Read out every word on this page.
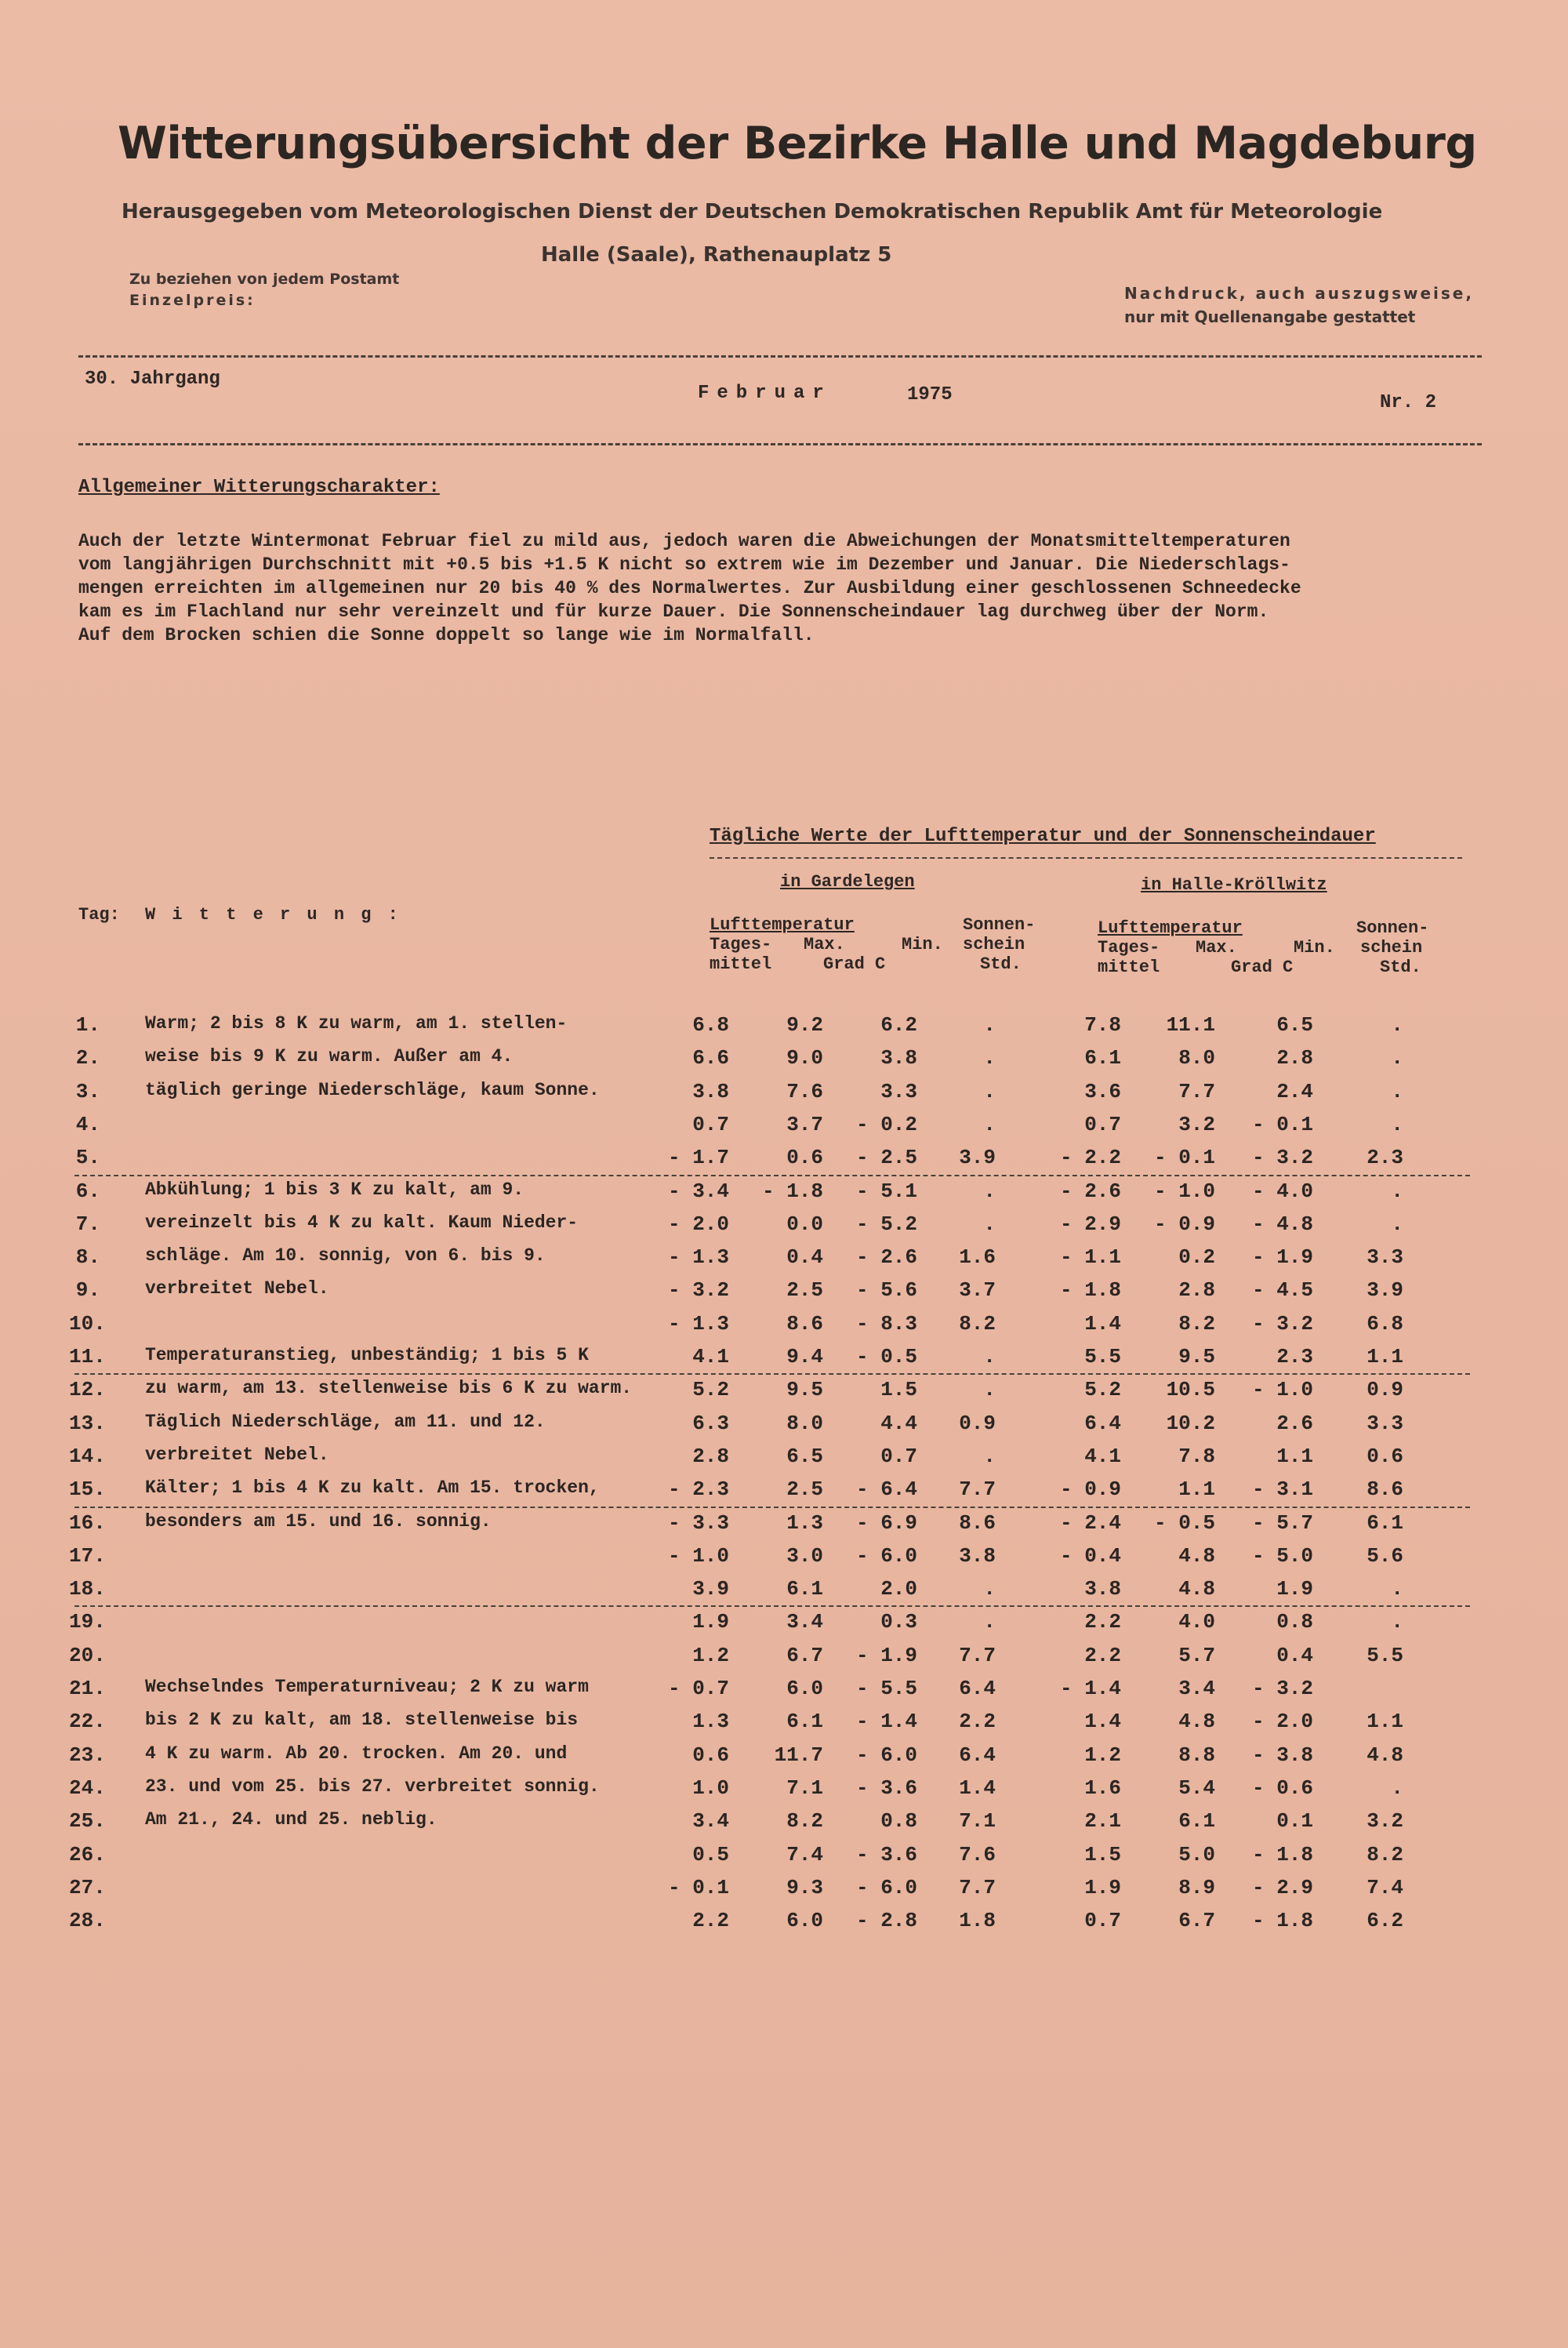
Witterungsübersicht der Bezirke Halle und Magdeburg
Herausgegeben vom Meteorologischen Dienst der Deutschen Demokratischen Republik Amt für Meteorologie
Halle (Saale), Rathenauplatz 5
Zu beziehen von jedem Postamt
Einzelpreis:	Nachdruck, auch auszugsweise,
nur mit Quellenangabe gestattet
30. Jahrgang
Februar	1975	Nr. 2
Allgemeiner Witterungscharakter:
Auch der letzte Wintermonat Februar fiel zu mild aus, jedoch waren die Abweichungen der Monatsmitteltemperaturen
vom langjährigen Durchschnitt mit +0.5 bis +1.5 K nicht so extrem wie im Dezember und Januar. Die Niederschlags-
mengen erreichten im allgemeinen nur 20 bis 40 % des Normalwertes. Zur Ausbildung einer geschlossenen Schneedecke
kam es im Flachland nur sehr vereinzelt und für kurze Dauer. Die Sonnenscheindauer lag durchweg über der Norm.
Auf dem Brocken schien die Sonne doppelt so lange wie im Normalfall.
Tägliche Werte der Lufttemperatur und der Sonnenscheindauer
in Gardelegen	in Halle-Kröllwitz
Tag: W i t t e r u n g :
Lufttemperatur	Sonnen-
Tages- Max.	Min. schein
mittel	Grad C	Std.
Lufttemperatur	Sonnen-
Tages- Max.	Min. schein
mittel	Grad C	Std.
1.	6.8	9.2	6.2	.	7.8	11.1	6.5	.
2.	6.6	9.0	3.8	.	6.1	8.0	2.8	.
3.	3.8	7.6	3.3	.	3.6	7.7	2.4	.
4.	0.7	3.7 - 0.2	.	0.7	3.2 - 0.1	.
5.	- 1.7	0.6 - 2.5	3.9	- 2.2 - 0.1 - 3.2	2.3
6.	- 3.4 - 1.8 - 5.1	.	- 2.6 - 1.0 - 4.0	.
7.	- 2.0	0.0 - 5.2	.	- 2.9 - 0.9 - 4.8	.
8.	- 1.3	0.4 - 2.6	1.6	- 1.1	0.2 - 1.9	3.3
9.	- 3.2	2.5 - 5.6	3.7	- 1.8	2.8 - 4.5	3.9
10.	- 1.3	8.6 - 8.3	8.2	1.4	8.2 - 3.2	6.8
11.	4.1	9.4 - 0.5	.	5.5	9.5	2.3	1.1
12.	5.2	9.5	1.5	.	5.2	10.5 - 1.0	0.9
13.	6.3	8.0	4.4	0.9	6.4	10.2	2.6	3.3
14.	2.8	6.5	0.7	.	4.1	7.8	1.1	0.6
15.	- 2.3	2.5 - 6.4	7.7	- 0.9	1.1 - 3.1	8.6
16.	- 3.3	1.3 - 6.9	8.6	- 2.4 - 0.5 - 5.7	6.1
17.	- 1.0	3.0 - 6.0	3.8	- 0.4	4.8 - 5.0	5.6
18.	3.9	6.1	2.0	.	3.8	4.8	1.9	.
19.	1.9	3.4	0.3	.	2.2	4.0	0.8	.
20.	1.2	6.7 - 1.9	7.7	2.2	5.7	0.4	5.5
21.	- 0.7	6.0 - 5.5	6.4	- 1.4	3.4 - 3.2
22.	1.3	6.1 - 1.4	2.2	1.4	4.8 - 2.0	1.1
23.	0.6	11.7 - 6.0	6.4	1.2	8.8 - 3.8	4.8
24.	1.0	7.1 - 3.6	1.4	1.6	5.4 - 0.6	.
25.	3.4	8.2	0.8	7.1	2.1	6.1	0.1	3.2
26.	0.5	7.4 - 3.6	7.6	1.5	5.0 - 1.8	8.2
27.	- 0.1	9.3 - 6.0	7.7	1.9	8.9 - 2.9	7.4
28.	2.2	6.0 - 2.8	1.8	0.7	6.7 - 1.8	6.2
Warm; 2 bis 8 K zu warm, am 1. stellen-
weise bis 9 K zu warm. Außer am 4.
täglich geringe Niederschläge, kaum Sonne.
Abkühlung; 1 bis 3 K zu kalt, am 9.
vereinzelt bis 4 K zu kalt. Kaum Nieder-
schläge. Am 10. sonnig, von 6. bis 9.
verbreitet Nebel.
Temperaturanstieg, unbeständig; 1 bis 5 K
zu warm, am 13. stellenweise bis 6 K zu warm.
Täglich Niederschläge, am 11. und 12.
verbreitet Nebel.
Kälter; 1 bis 4 K zu kalt. Am 15. trocken,
besonders am 15. und 16. sonnig.
Wechselndes Temperaturniveau; 2 K zu warm
bis 2 K zu kalt, am 18. stellenweise bis
4 K zu warm. Ab 20. trocken. Am 20. und
23. und vom 25. bis 27. verbreitet sonnig.
Am 21., 24. und 25. neblig.
